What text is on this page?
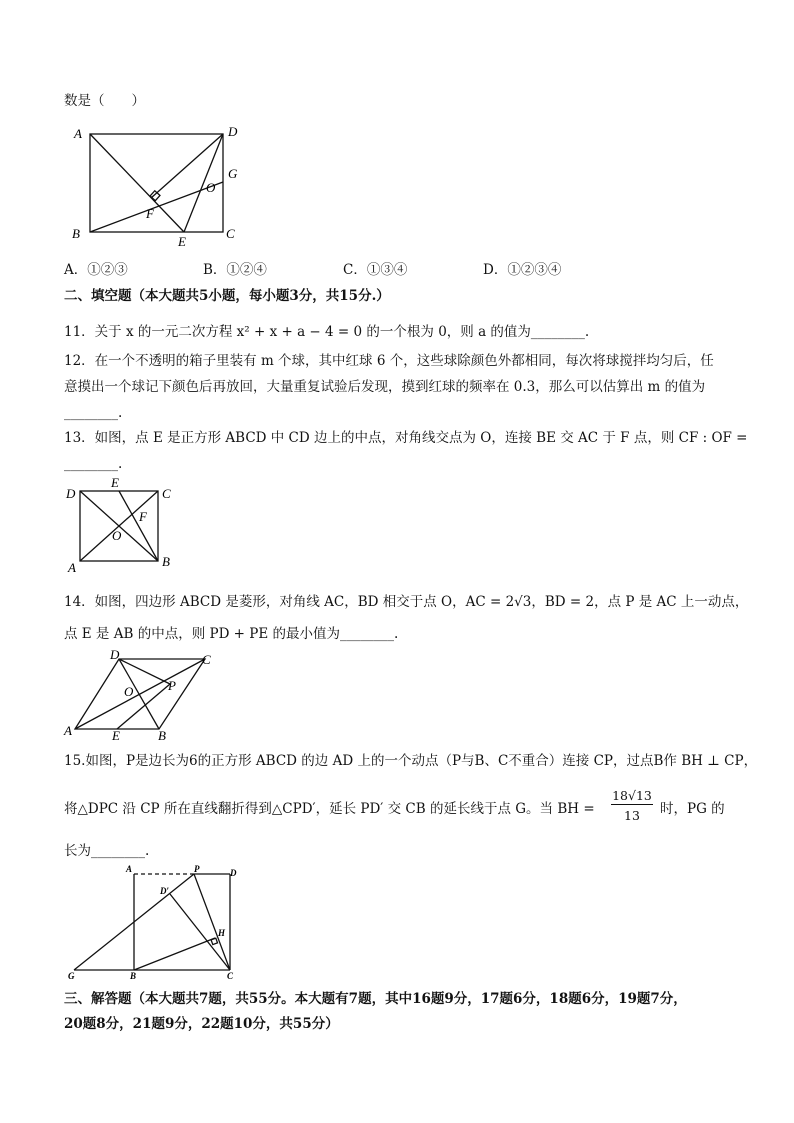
数是（　　）
A	D
G
O
F
B
E
C
A．①②③	B．①②④	C．①③④	D．①②③④
二、填空题（本大题共5小题，每小题3分，共15分.）
11．关于 x 的一元二次方程 x² + x + a − 4 = 0 的一个根为 0，则 a 的值为________.
12．在一个不透明的箱子里装有 m 个球，其中红球 6 个，这些球除颜色外都相同，每次将球搅拌均匀后，任
意摸出一个球记下颜色后再放回，大量重复试验后发现，摸到红球的频率在 0.3，那么可以估算出 m 的值为
________.
13．如图，点 E 是正方形 ABCD 中 CD 边上的中点，对角线交点为 O，连接 BE 交 AC 于 F 点，则 CF : OF =
________.
D
E
C
F
O
A	B
14．如图，四边形 ABCD 是菱形，对角线 AC，BD 相交于点 O，AC = 2√3，BD = 2，点 P 是 AC 上一动点，
点 E 是 AB 的中点，则 PD + PE 的最小值为________.
D	C
P
O
A	E	B
15.如图，P是边长为6的正方形 ABCD 的边 AD 上的一个动点（P与B、C不重合）连接 CP，过点B作 BH ⊥ CP，
将△DPC 沿 CP 所在直线翻折得到△CPD′，延长 PD′ 交 CB 的延长线于点 G。当 BH =
18√13
13	时，PG 的
长为________.
A	P	D
D′
H
G	B	C
三、解答题（本大题共7题，共55分。本大题有7题，其中16题9分，17题6分，18题6分，19题7分，
20题8分，21题9分，22题10分，共55分）
